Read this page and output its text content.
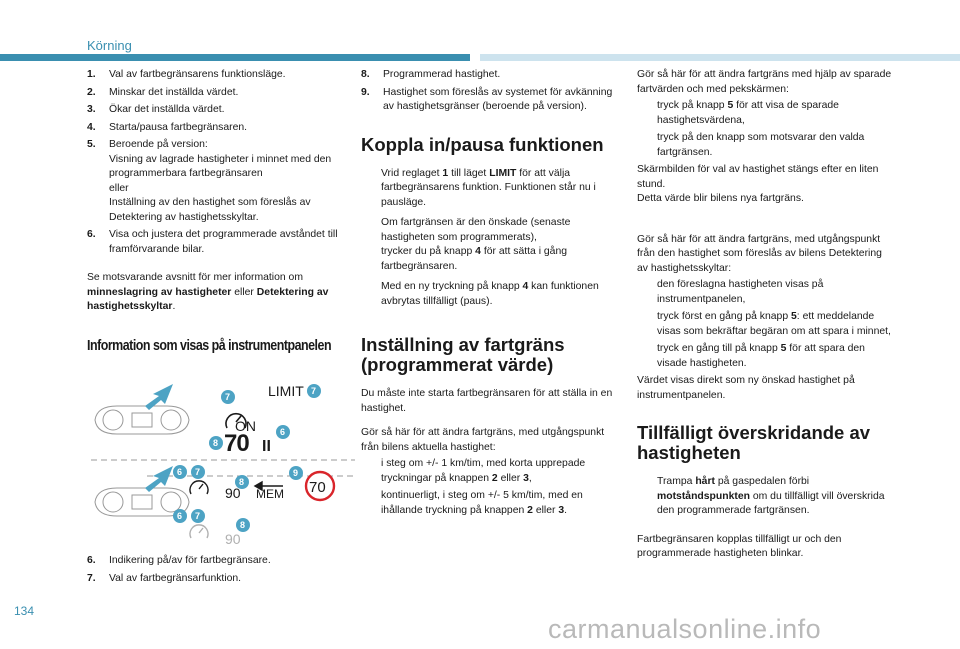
Körning
1. Val av fartbegränsarens funktionsläge.
2. Minskar det inställda värdet.
3. Ökar det inställda värdet.
4. Starta/pausa fartbegränsaren.
5. Beroende på version:
Visning av lagrade hastigheter i minnet med den programmerbara fartbegränsaren
eller
Inställning av den hastighet som föreslås av Detektering av hastighetsskyltar.
6. Visa och justera det programmerade avståndet till framförvarande bilar.

Se motsvarande avsnitt för mer information om minneslagring av hastigheter eller Detektering av hastighetsskyltar.

Information som visas på instrumentpanelen
LIMIT 7
7
ON	6
8 70 II
6 7
8
9
90 MEM 70
6 7
8
90
6. Indikering på/av för fartbegränsare.
7. Val av fartbegränsarfunktion.
8. Programmerad hastighet.
9. Hastighet som föreslås av systemet för avkänning av hastighetsgränser (beroende på version).
Koppla in/pausa funktionen
Vrid reglaget 1 till läget LIMIT för att välja fartbegränsarens funktion. Funktionen står nu i pausläge.
Om fartgränsen är den önskade (senaste hastigheten som programmerats),
trycker du på knapp 4 för att sätta i gång fartbegränsaren.
Med en ny tryckning på knapp 4 kan funktionen avbrytas tillfälligt (paus).
Inställning av fartgräns (programmerat värde)

Du måste inte starta fartbegränsaren för att ställa in en hastighet.

Gör så här för att ändra fartgräns, med utgångspunkt från bilens aktuella hastighet:

i steg om +/- 1 km/tim, med korta upprepade tryckningar på knappen 2 eller 3,
kontinuerligt, i steg om +/- 5 km/tim, med en ihållande tryckning på knappen 2 eller 3.

Gör så här för att ändra fartgräns med hjälp av sparade fartvärden och med pekskärmen:

tryck på knapp 5 för att visa de sparade hastighetsvärdena,
tryck på den knapp som motsvarar den valda fartgränsen.
Skärmbilden för val av hastighet stängs efter en liten stund.

Detta värde blir bilens nya fartgräns.

Gör så här för att ändra fartgräns, med utgångspunkt från den hastighet som föreslås av bilens Detektering av hastighetsskyltar:

den föreslagna hastigheten visas på instrumentpanelen,
tryck först en gång på knapp 5: ett meddelande visas som bekräftar begäran om att spara i minnet,
tryck en gång till på knapp 5 för att spara den visade hastigheten.

Värdet visas direkt som ny önskad hastighet på instrumentpanelen.

Tillfälligt överskridande av hastigheten
Trampa hårt på gaspedalen förbi motståndspunkten om du tillfälligt vill överskrida den programmerade fartgränsen.

Fartbegränsaren kopplas tillfälligt ur och den programmerade hastigheten blinkar.

134
carmanualsonline.info
